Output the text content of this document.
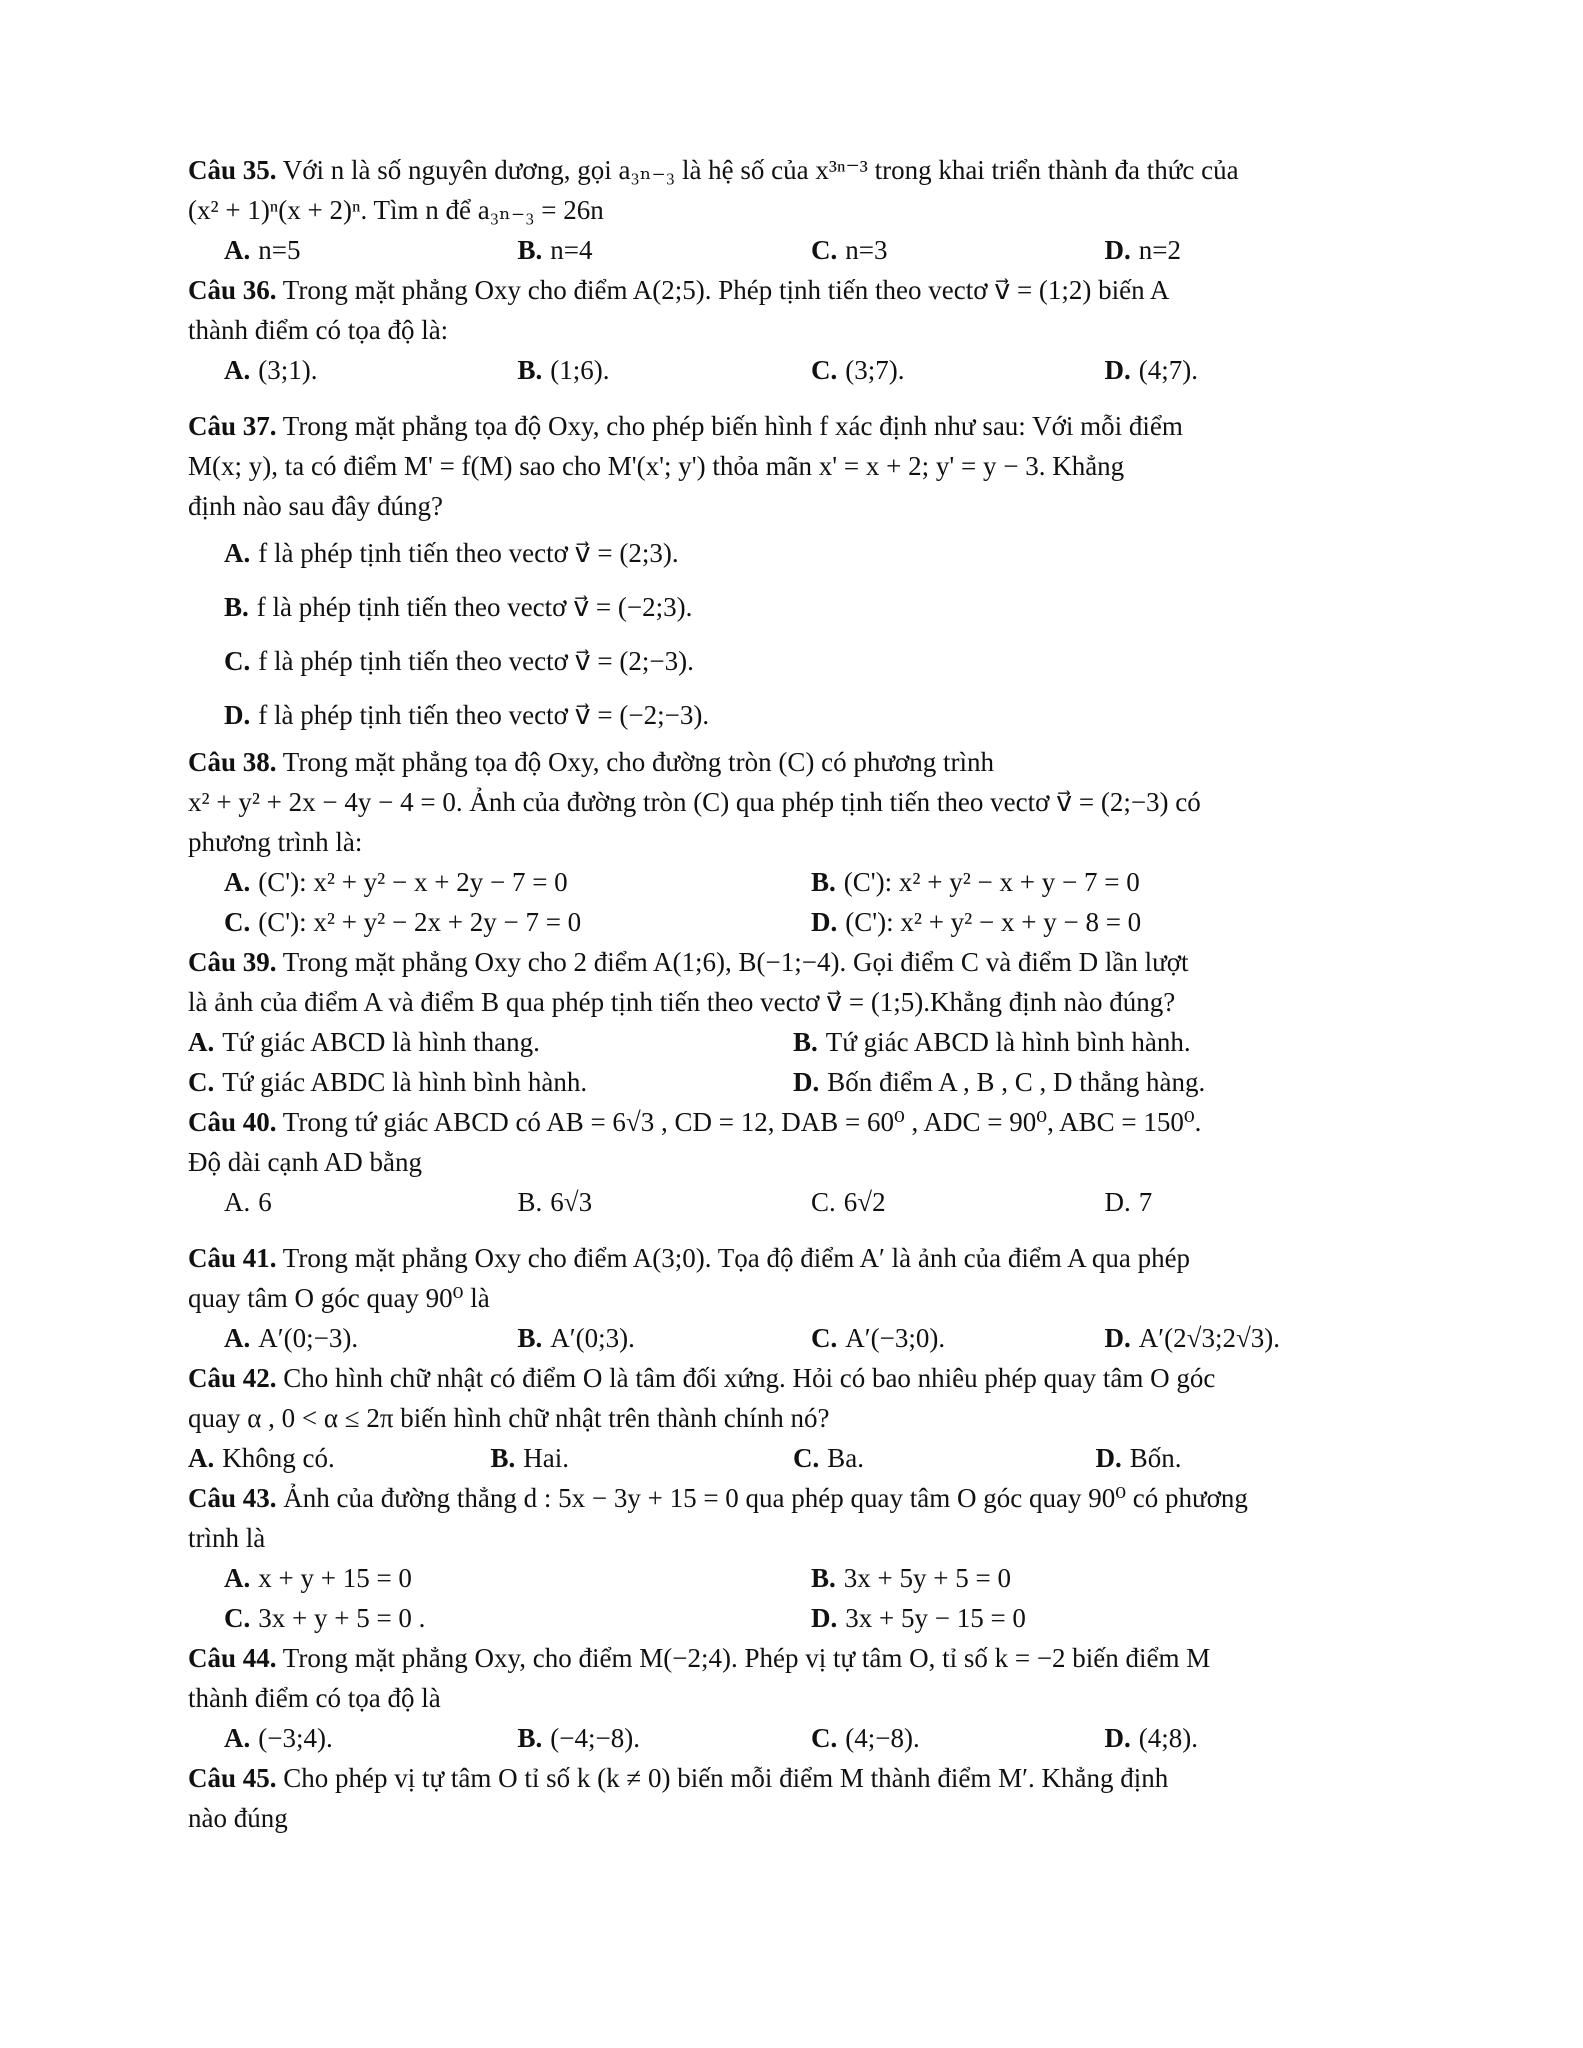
Câu 35. Với n là số nguyên dương, gọi a₃ₙ₋₃ là hệ số của x³ⁿ⁻³ trong khai triển thành đa thức của
(x² + 1)ⁿ(x + 2)ⁿ. Tìm n để a₃ₙ₋₃ = 26n
A. n=5	B. n=4	C. n=3	D. n=2
Câu 36. Trong mặt phẳng Oxy cho điểm A(2;5). Phép tịnh tiến theo vectơ v⃗ = (1;2) biến A
thành điểm có tọa độ là:
A. (3;1).	B. (1;6).	C. (3;7).	D. (4;7).
Câu 37. Trong mặt phẳng tọa độ Oxy, cho phép biến hình f xác định như sau: Với mỗi điểm
M(x; y), ta có điểm M' = f(M) sao cho M'(x'; y') thỏa mãn x' = x + 2; y' = y − 3. Khẳng
định nào sau đây đúng?
A. f là phép tịnh tiến theo vectơ v⃗ = (2;3).
B. f là phép tịnh tiến theo vectơ v⃗ = (−2;3).
C. f là phép tịnh tiến theo vectơ v⃗ = (2;−3).
D. f là phép tịnh tiến theo vectơ v⃗ = (−2;−3).
Câu 38. Trong mặt phẳng tọa độ Oxy, cho đường tròn (C) có phương trình
x² + y² + 2x − 4y − 4 = 0. Ảnh của đường tròn (C) qua phép tịnh tiến theo vectơ v⃗ = (2;−3) có
phương trình là:
A. (C'): x² + y² − x + 2y − 7 = 0	B. (C'): x² + y² − x + y − 7 = 0
C. (C'): x² + y² − 2x + 2y − 7 = 0	D. (C'): x² + y² − x + y − 8 = 0
Câu 39. Trong mặt phẳng Oxy cho 2 điểm A(1;6), B(−1;−4). Gọi điểm C và điểm D lần lượt
là ảnh của điểm A và điểm B qua phép tịnh tiến theo vectơ v⃗ = (1;5).Khẳng định nào đúng?
A. Tứ giác ABCD là hình thang.	B. Tứ giác ABCD là hình bình hành.
C. Tứ giác ABDC là hình bình hành.	D. Bốn điểm A , B , C , D thẳng hàng.
Câu 40. Trong tứ giác ABCD có AB = 6√3 , CD = 12, DAB = 60⁰ , ADC = 90⁰, ABC = 150⁰.
Độ dài cạnh AD bằng
A. 6	B. 6√3	C. 6√2	D. 7
Câu 41. Trong mặt phẳng Oxy cho điểm A(3;0). Tọa độ điểm A′ là ảnh của điểm A qua phép
quay tâm O góc quay 90⁰ là
A. A′(0;−3).	B. A′(0;3).	C. A′(−3;0).	D. A′(2√3;2√3).
Câu 42. Cho hình chữ nhật có điểm O là tâm đối xứng. Hỏi có bao nhiêu phép quay tâm O góc
quay α , 0 < α ≤ 2π biến hình chữ nhật trên thành chính nó?
A. Không có.	B. Hai.	C. Ba.	D. Bốn.
Câu 43. Ảnh của đường thẳng d : 5x − 3y + 15 = 0 qua phép quay tâm O góc quay 90⁰ có phương
trình là
A. x + y + 15 = 0	B. 3x + 5y + 5 = 0
C. 3x + y + 5 = 0 .	D. 3x + 5y − 15 = 0
Câu 44. Trong mặt phẳng Oxy, cho điểm M(−2;4). Phép vị tự tâm O, tỉ số k = −2 biến điểm M
thành điểm có tọa độ là
A. (−3;4).	B. (−4;−8).	C. (4;−8).	D. (4;8).
Câu 45. Cho phép vị tự tâm O tỉ số k (k ≠ 0) biến mỗi điểm M thành điểm M′. Khẳng định
nào đúng
